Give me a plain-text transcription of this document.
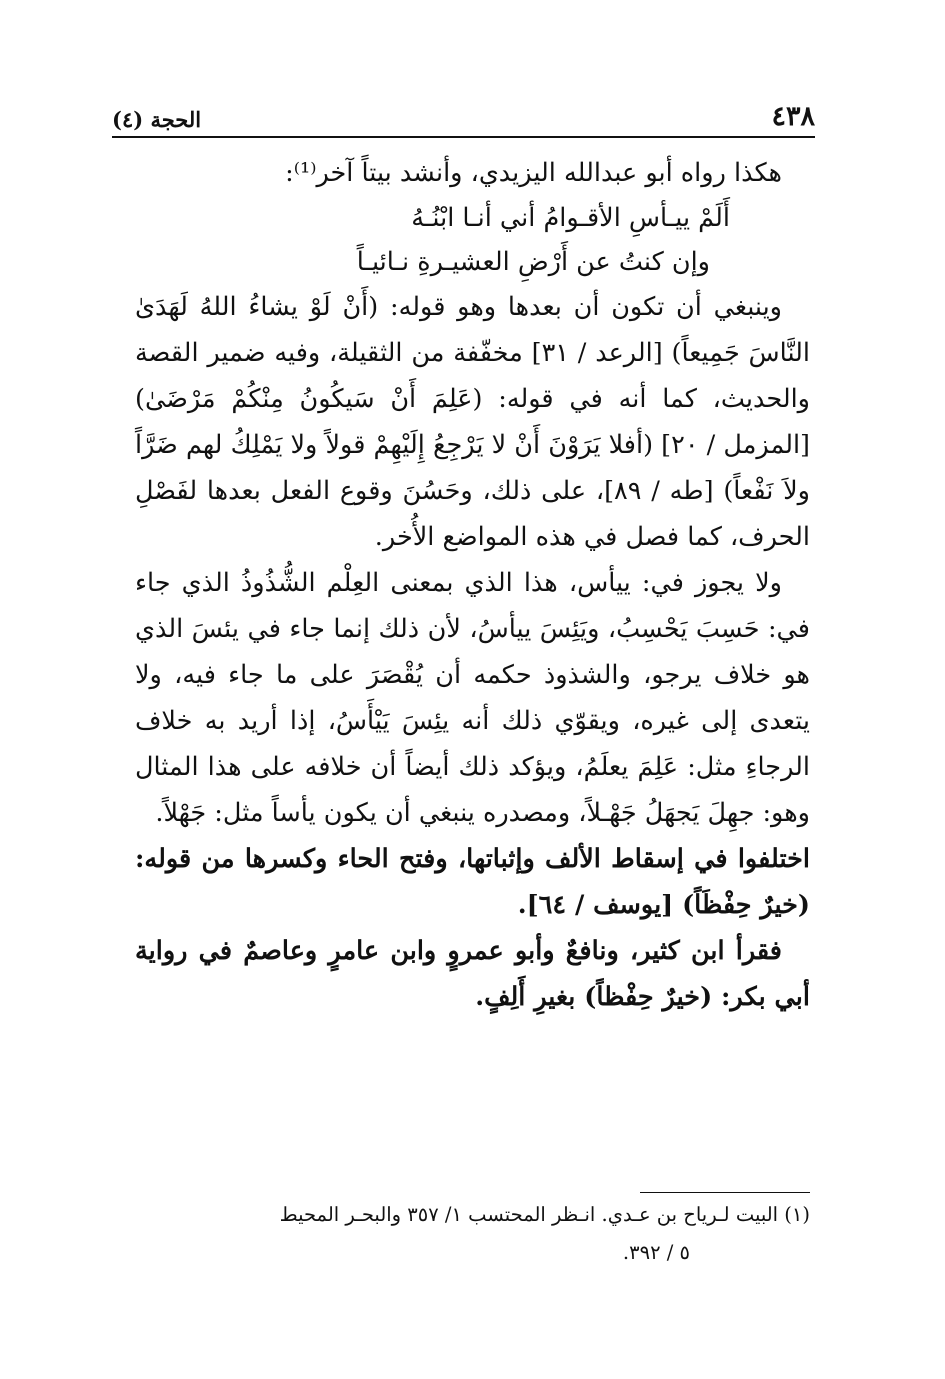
٤٣٨
الحجة (٤)

هكذا رواه أبو عبدالله اليزيدي، وأنشد بيتاً آخر⁽¹⁾:

أَلَمْ ييـأسِ الأقـوامُ أني أنـا ابْنُـهُ
وإن كنتُ عن أَرْضِ العشيـرةِ نـائيـاً

وينبغي أن تكون أن بعدها وهو قوله: (أَنْ لَوْ يشاءُ اللهُ لَهَدَىٰ النَّاسَ جَمِيعاً) [الرعد / ٣١] مخفّفة من الثقيلة، وفيه ضمير القصة والحديث، كما أنه في قوله: (عَلِمَ أَنْ سَيكُونُ مِنْكُمْ مَرْضَىٰ) [المزمل / ٢٠] (أفلا يَرَوْنَ أَنْ لا يَرْجِعُ إِلَيْهِمْ قولاً ولا يَمْلِكُ لهم ضَرَّاً ولاَ نَفْعاً) [طه / ٨٩]، على ذلك، وحَسُنَ وقوع الفعل بعدها لفَصْلِ الحرف، كما فصل في هذه المواضع الأُخر.

ولا يجوز في: ييأس، هذا الذي بمعنى العِلْم الشُّذُوذُ الذي جاء في: حَسِبَ يَحْسِبُ، ويَئِسَ ييأسُ، لأن ذلك إنما جاء في يئسَ الذي هو خلاف يرجو، والشذوذ حكمه أن يُقْصَرَ على ما جاء فيه، ولا يتعدى إلى غيره، ويقوّي ذلك أنه يئِسَ يَيْأَسُ، إذا أريد به خلاف الرجاءِ مثل: عَلِمَ يعلَمُ، ويؤكد ذلك أيضاً أن خلافه على هذا المثال وهو: جهِلَ يَجهَلُ جَهْـلاً، ومصدره ينبغي أن يكون يأساً مثل: جَهْلاً.

اختلفوا في إسقاط الألف وإثباتها، وفتح الحاء وكسرها من قوله: (خيرٌ حِفْظَاً) [يوسف / ٦٤].

فقرأ ابن كثير، ونافعٌ وأبو عمروٍ وابن عامرٍ وعاصمٌ في رواية أبي بكر: (خيرٌ حِفْظاً) بغيرِ أَلِفٍ.

(١) البيت لـرياح بن عـدي. انـظر المحتسب ١/ ٣٥٧ والبحـر المحيط
٥ / ٣٩٢.
